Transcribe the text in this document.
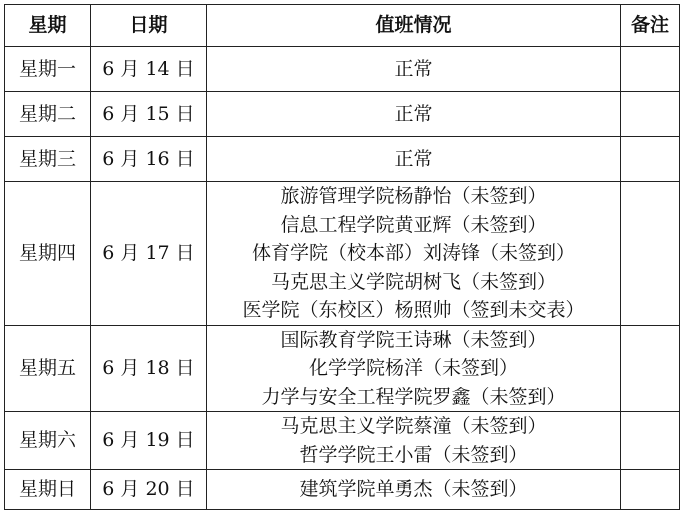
星期	日期	值班情况	备注
星期一	6 月 14 日	正常	

星期二	6 月 15 日	正常	

星期三	6 月 16 日	正常	

星期四	6 月 17 日	旅游管理学院杨静怡（未签到）
信息工程学院黄亚辉（未签到）
体育学院（校本部）刘涛锋（未签到）
马克思主义学院胡树飞（未签到）
医学院（东校区）杨照帅（签到未交表）	

星期五	6 月 18 日	国际教育学院王诗琳（未签到）
化学学院杨洋（未签到）
力学与安全工程学院罗鑫（未签到）	

星期六	6 月 19 日	马克思主义学院蔡潼（未签到）
哲学学院王小雷（未签到）	

星期日	6 月 20 日	建筑学院单勇杰（未签到）	
